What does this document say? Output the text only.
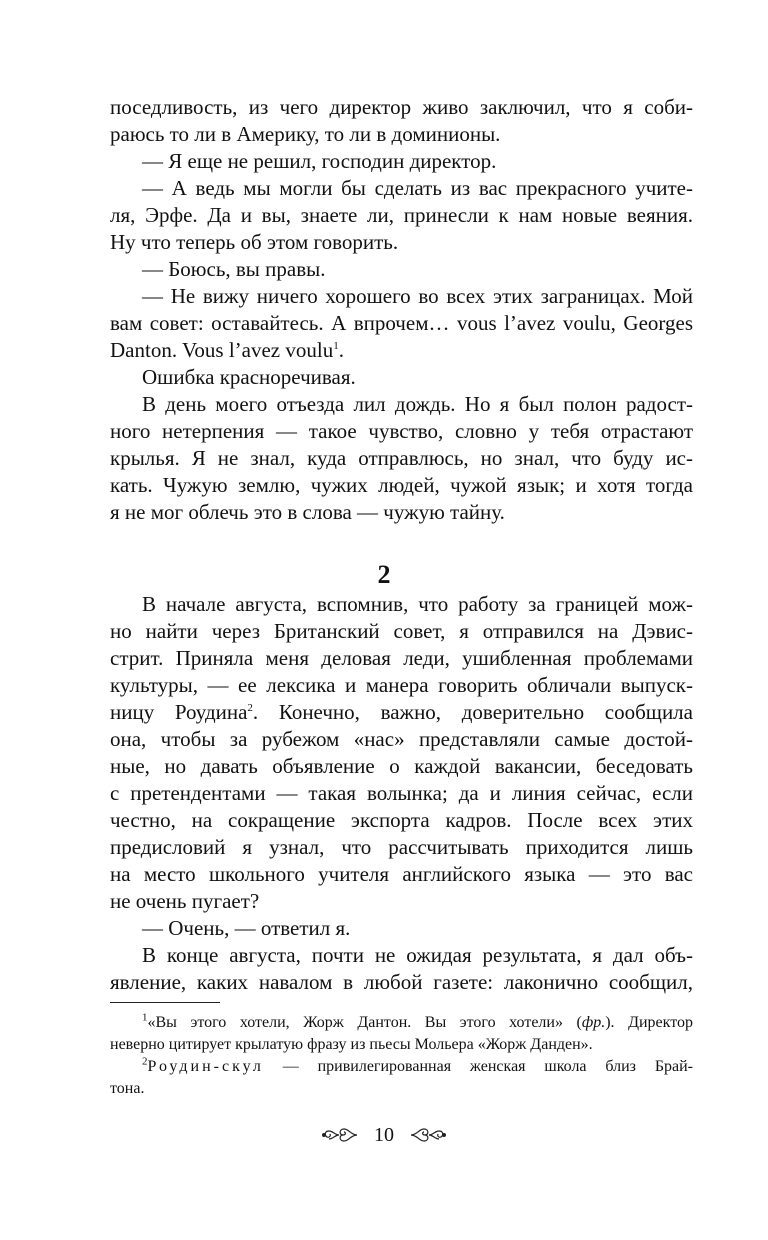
поседливость, из чего директор живо заключил, что я соби-
раюсь то ли в Америку, то ли в доминионы.
— Я еще не решил, господин директор.
— А ведь мы могли бы сделать из вас прекрасного учите-
ля, Эрфе. Да и вы, знаете ли, принесли к нам новые веяния.
Ну что теперь об этом говорить.
— Боюсь, вы правы.
— Не вижу ничего хорошего во всех этих заграницах. Мой
вам совет: оставайтесь. А впрочем… vous l’avez voulu, Georges
Danton. Vous l’avez voulu$^1$.
Ошибка красноречивая.
В день моего отъезда лил дождь. Но я был полон радост-
ного нетерпения — такое чувство, словно у тебя отрастают
крылья. Я не знал, куда отправлюсь, но знал, что буду ис-
кать. Чужую землю, чужих людей, чужой язык; и хотя тогда
я не мог облечь это в слова — чужую тайну.
2
В начале августа, вспомнив, что работу за границей мож-
но найти через Британский совет, я отправился на Дэвис-
стрит. Приняла меня деловая леди, ушибленная проблемами
культуры, — ее лексика и манера говорить обличали выпуск-
ницу Роудина$^2$. Конечно, важно, доверительно сообщила
она, чтобы за рубежом «нас» представляли самые достой-
ные, но давать объявление о каждой вакансии, беседовать
с претендентами — такая волынка; да и линия сейчас, если
честно, на сокращение экспорта кадров. После всех этих
предисловий я узнал, что рассчитывать приходится лишь
на место школьного учителя английского языка — это вас
не очень пугает?
— Очень, — ответил я.
В конце августа, почти не ожидая результата, я дал объ-
явление, каких навалом в любой газете: лаконично сообщил,
$^1$«Вы этого хотели, Жорж Дантон. Вы этого хотели» (фр.). Директор
неверно цитирует крылатую фразу из пьесы Мольера «Жорж Данден».
$^2$Роудин-скул — привилегированная женская школа близ Брай-
тона.
10
